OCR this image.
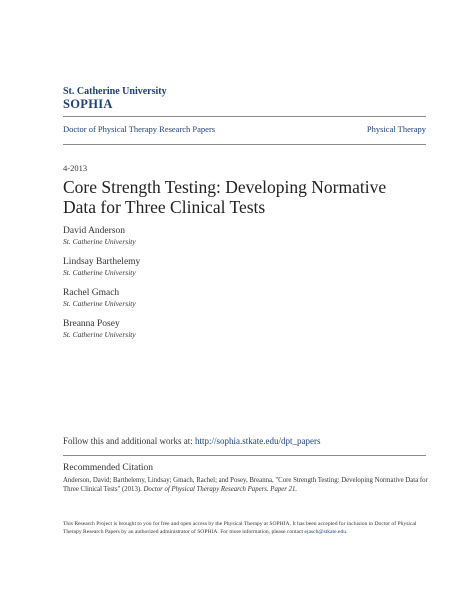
St. Catherine University
SOPHIA
Doctor of Physical Therapy Research Papers	Physical Therapy
4-2013
Core Strength Testing: Developing Normative Data for Three Clinical Tests
David Anderson
St. Catherine University
Lindsay Barthelemy
St. Catherine University
Rachel Gmach
St. Catherine University
Breanna Posey
St. Catherine University
Follow this and additional works at: http://sophia.stkate.edu/dpt_papers
Recommended Citation
Anderson, David; Barthelemy, Lindsay; Gmach, Rachel; and Posey, Breanna, "Core Strength Testing: Developing Normative Data for Three Clinical Tests" (2013). Doctor of Physical Therapy Research Papers. Paper 21.
This Research Project is brought to you for free and open access by the Physical Therapy at SOPHIA. It has been accepted for inclusion in Doctor of Physical Therapy Research Papers by an authorized administrator of SOPHIA. For more information, please contact ejasch@stkate.edu.
